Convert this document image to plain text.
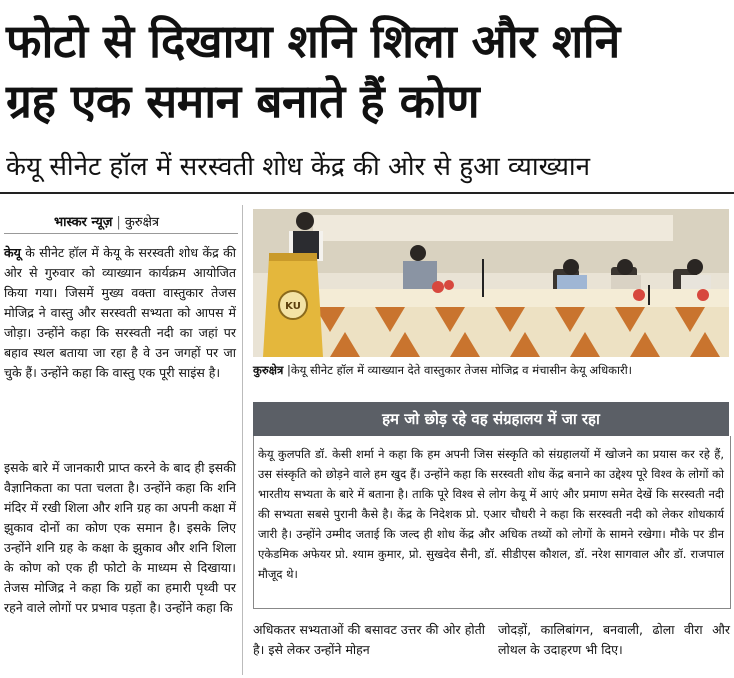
फोटो से दिखाया शनि शिला और शनि
ग्रह एक समान बनाते हैं कोण
केयू सीनेट हॉल में सरस्वती शोध केंद्र की ओर से हुआ व्याख्यान
भास्कर न्यूज़ | कुरुक्षेत्र
केयू के सीनेट हॉल में केयू के सरस्वती शोध केंद्र की ओर से गुरुवार को व्याख्यान कार्यक्रम आयोजित किया गया। जिसमें मुख्य वक्ता वास्तुकार तेजस मोजिद्र ने वास्तु और सरस्वती सभ्यता को आपस में जोड़ा। उन्होंने कहा कि सरस्वती नदी का जहां पर बहाव स्थल बताया जा रहा है वे उन जगहों पर जा चुके हैं। उन्होंने कहा कि वास्तु एक पूरी साइंस है।
इसके बारे में जानकारी प्राप्त करने के बाद ही इसकी वैज्ञानिकता का पता चलता है। उन्होंने कहा कि शनि मंदिर में रखी शिला और शनि ग्रह का अपनी कक्षा में झुकाव दोनों का कोण एक समान है। इसके लिए उन्होंने शनि ग्रह के कक्षा के झुकाव और शनि शिला के कोण को एक ही फोटो के माध्यम से दिखाया। तेजस मोजिद्र ने कहा कि ग्रहों का हमारी पृथ्वी पर रहने वाले लोगों पर प्रभाव पड़ता है। उन्होंने कहा कि
KU
कुरुक्षेत्र |केयू सीनेट हॉल में व्याख्यान देते वास्तुकार तेजस मोजिद्र व मंचासीन केयू अधिकारी।
हम जो छोड़ रहे वह संग्रहालय में जा रहा
केयू कुलपति डॉ. केसी शर्मा ने कहा कि हम अपनी जिस संस्कृति को संग्रहालयों में खोजने का प्रयास कर रहे हैं, उस संस्कृति को छोड़ने वाले हम खुद हैं। उन्होंने कहा कि सरस्वती शोध केंद्र बनाने का उद्देश्य पूरे विश्व के लोगों को भारतीय सभ्यता के बारे में बताना है। ताकि पूरे विश्व से लोग केयू में आएं और प्रमाण समेत देखें कि सरस्वती नदी की सभ्यता सबसे पुरानी कैसे है। केंद्र के निदेशक प्रो. एआर चौधरी ने कहा कि सरस्वती नदी को लेकर शोधकार्य जारी है। उन्होंने उम्मीद जताई कि जल्द ही शोध केंद्र और अधिक तथ्यों को लोगों के सामने रखेगा। मौके पर डीन एकेडमिक अफेयर प्रो. श्याम कुमार, प्रो. सुखदेव सैनी, डॉ. सीडीएस कौशल, डॉ. नरेश सागवाल और डॉ. राजपाल मौजूद थे।
अधिकतर सभ्यताओं की बसावट उत्तर की ओर होती है। इसे लेकर उन्होंने मोहन
जोदड़ों, कालिबांगन, बनवाली, ढोला वीरा और लोथल के उदाहरण भी दिए।
